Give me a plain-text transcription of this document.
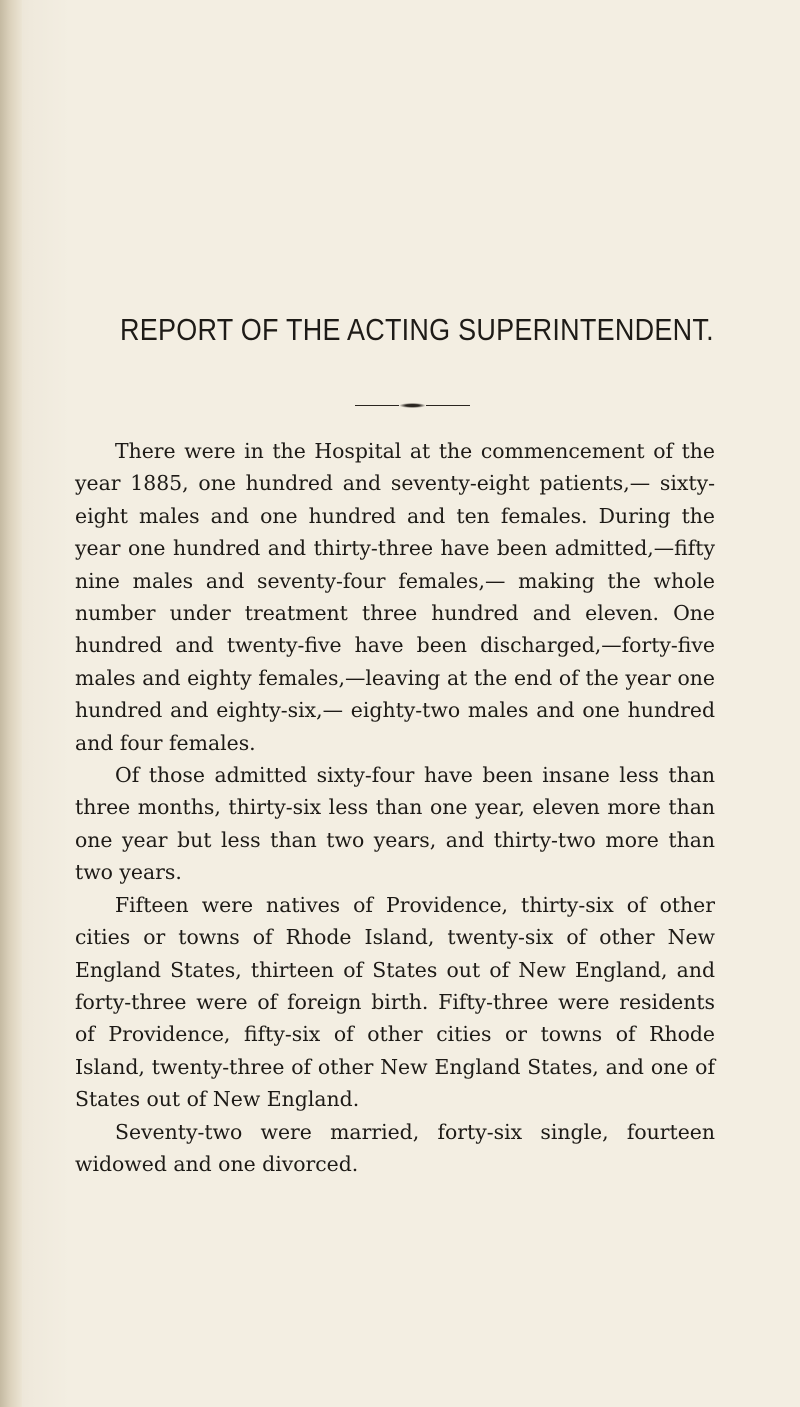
REPORT OF THE ACTING SUPERINTENDENT.

There were in the Hospital at the commencement of the year 1885, one hundred and seventy-eight patients,— sixty-eight males and one hundred and ten females. During the year one hundred and thirty-three have been admitted,—fifty nine males and seventy-four females,— making the whole number under treatment three hundred and eleven. One hundred and twenty-five have been discharged,—forty-five males and eighty females,—leaving at the end of the year one hundred and eighty-six,— eighty-two males and one hundred and four females.

Of those admitted sixty-four have been insane less than three months, thirty-six less than one year, eleven more than one year but less than two years, and thirty-two more than two years.

Fifteen were natives of Providence, thirty-six of other cities or towns of Rhode Island, twenty-six of other New England States, thirteen of States out of New England, and forty-three were of foreign birth. Fifty-three were residents of Providence, fifty-six of other cities or towns of Rhode Island, twenty-three of other New England States, and one of States out of New England.

Seventy-two were married, forty-six single, fourteen widowed and one divorced.
